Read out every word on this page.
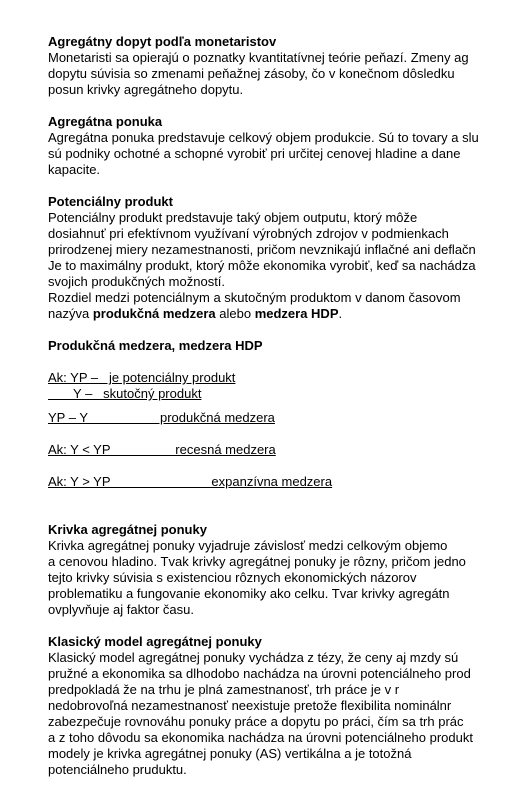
Agregátny dopyt podľa monetaristov

Monetaristi sa opierajú o poznatky kvantitatívnej teórie peňazí. Zmeny ag

dopytu súvisia so zmenami peňažnej zásoby, čo v konečnom dôsledku

posun krivky agregátneho dopytu.

Agregátna ponuka

Agregátna ponuka predstavuje celkový objem produkcie. Sú to tovary a slu

sú podniky ochotné a schopné vyrobiť pri určitej cenovej hladine a dane

kapacite.

Potenciálny produkt

Potenciálny produkt predstavuje taký objem outputu, ktorý môže

dosiahnuť pri efektívnom využívaní výrobných zdrojov v podmienkach

prirodzenej miery nezamestnanosti, pričom nevznikajú inflačné ani deflačn

Je to maximálny produkt, ktorý môže ekonomika vyrobiť, keď sa nachádza

svojich produkčných možností.

Rozdiel medzi potenciálnym a skutočným produktom v danom časovom

nazýva produkčná medzera alebo medzera HDP.

Produkčná medzera, medzera HDP

Ak: YP –   je potenciálny produkt

Y –   skutočný produkt

YP – Y                    produkčná medzera

Ak: Y < YP                  recesná medzera

Ak: Y > YP                            expanzívna medzera

Krivka agregátnej ponuky

Krivka agregátnej ponuky vyjadruje závislosť medzi celkovým objemo

a cenovou hladino. Tvak krivky agregátnej ponuky je rôzny, pričom jedno

tejto krivky súvisia s existenciou rôznych ekonomických názorov

problematiku a fungovanie ekonomiky ako celku. Tvar krivky agregátn

ovplyvňuje aj faktor času.

Klasický model agregátnej ponuky

Klasický model agregátnej ponuky vychádza z tézy, že ceny aj mzdy sú

pružné a ekonomika sa dlhodobo nachádza na úrovni potenciálneho prod

predpokladá že na trhu je plná zamestnanosť, trh práce je v r

nedobrovoľná nezamestnanosť neexistuje pretože flexibilita nominálnr

zabezpečuje rovnováhu ponuky práce a dopytu po práci, čím sa trh prác

a z toho dôvodu sa ekonomika nachádza na úrovni potenciálneho produkt

modely je krivka agregátnej ponuky (AS) vertikálna a je totožná

potenciálneho pruduktu.
